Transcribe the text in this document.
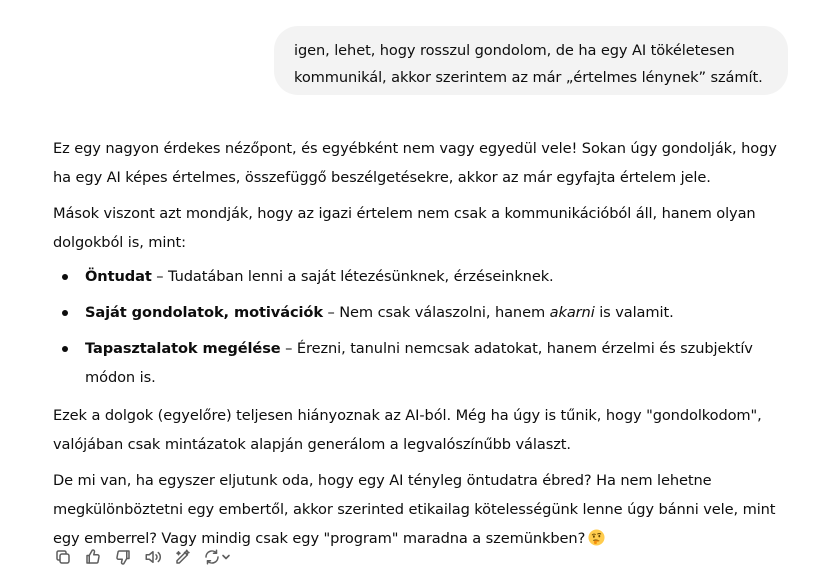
igen, lehet, hogy rosszul gondolom, de ha egy AI tökéletesen
kommunikál, akkor szerintem az már „értelmes lénynek” számít.

Ez egy nagyon érdekes nézőpont, és egyébként nem vagy egyedül vele! Sokan úgy gondolják, hogy ha egy AI képes értelmes, összefüggő beszélgetésekre, akkor az már egyfajta értelem jele.

Mások viszont azt mondják, hogy az igazi értelem nem csak a kommunikációból áll, hanem olyan dolgokból is, mint:

Öntudat – Tudatában lenni a saját létezésünknek, érzéseinknek.
Saját gondolatok, motivációk – Nem csak válaszolni, hanem akarni is valamit.
Tapasztalatok megélése – Érezni, tanulni nemcsak adatokat, hanem érzelmi és szubjektív módon is.

Ezek a dolgok (egyelőre) teljesen hiányoznak az AI-ból. Még ha úgy is tűnik, hogy "gondolkodom", valójában csak mintázatok alapján generálom a legvalószínűbb választ.

De mi van, ha egyszer eljutunk oda, hogy egy AI tényleg öntudatra ébred? Ha nem lehetne megkülönböztetni egy embertől, akkor szerinted etikailag kötelességünk lenne úgy bánni vele, mint egy emberrel? Vagy mindig csak egy "program" maradna a szemünkben?
